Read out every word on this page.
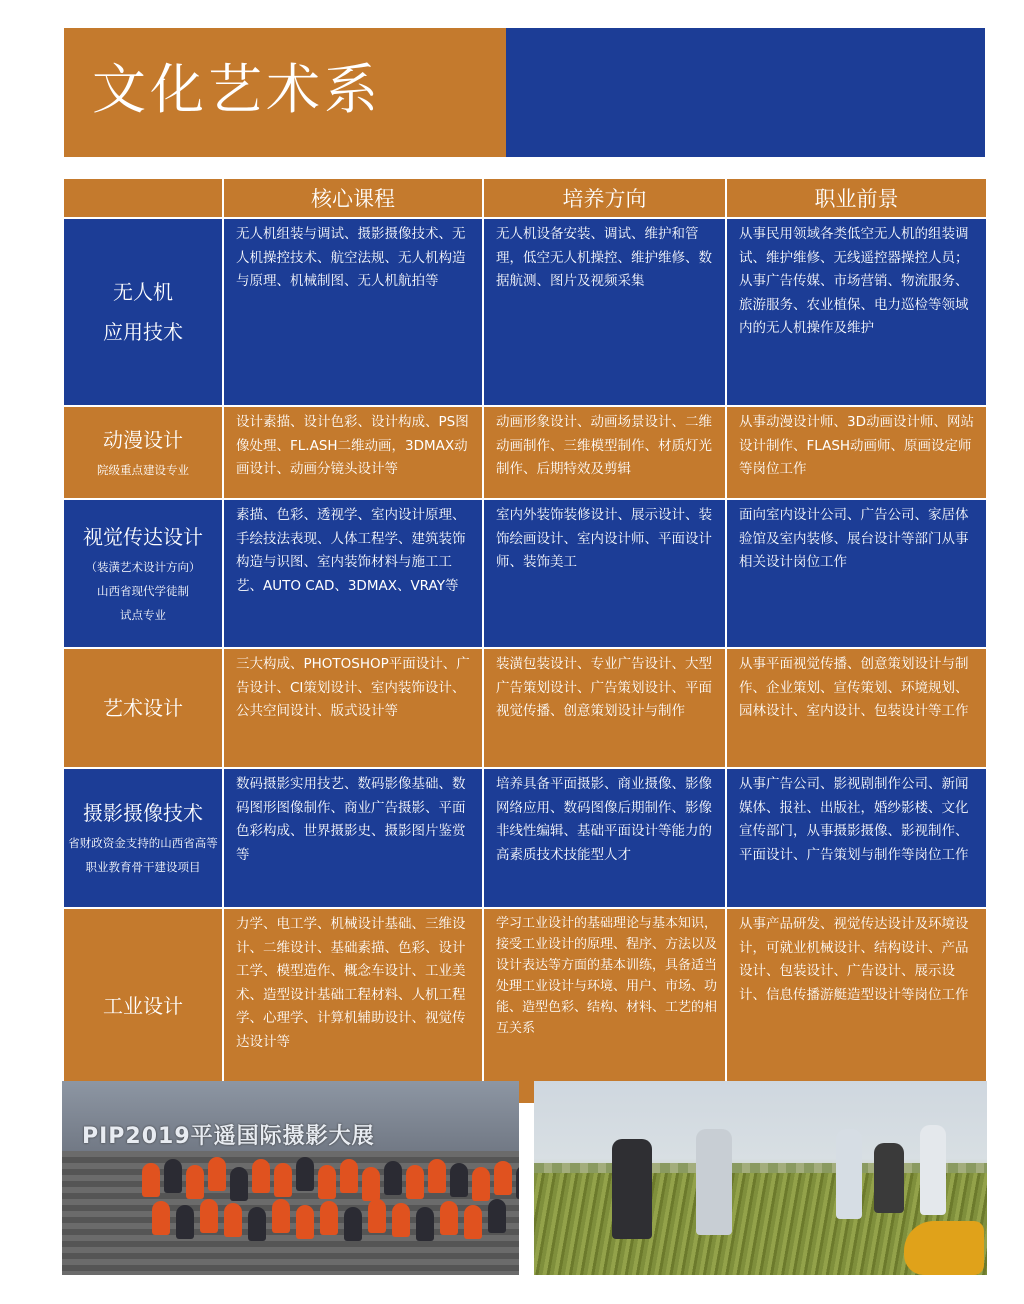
文化艺术系
核心课程	培养方向	职业前景
无人机
应用技术
无人机组装与调试、摄影摄像技术、无人机操控技术、航空法规、无人机构造与原理、机械制图、无人机航拍等
无人机设备安装、调试、维护和管理，低空无人机操控、维护维修、数据航测、图片及视频采集
从事民用领域各类低空无人机的组装调试、维护维修、无线遥控器操控人员；从事广告传媒、市场营销、物流服务、旅游服务、农业植保、电力巡检等领域内的无人机操作及维护
动漫设计
院级重点建设专业
设计素描、设计色彩、设计构成、PS图像处理、FL.ASH二维动画，3DMAX动画设计、动画分镜头设计等
动画形象设计、动画场景设计、二维动画制作、三维模型制作、材质灯光制作、后期特效及剪辑
从事动漫设计师、3D动画设计师、网站设计制作、FLASH动画师、原画设定师等岗位工作
视觉传达设计
（装潢艺术设计方向）
山西省现代学徒制
试点专业
素描、色彩、透视学、室内设计原理、 手绘技法表现、人体工程学、建筑装饰构造与识图、室内装饰材料与施工工艺、AUTO CAD、3DMAX、VRAY等
室内外装饰装修设计、展示设计、装饰绘画设计、室内设计师、平面设计师、装饰美工
面向室内设计公司、广告公司、家居体验馆及室内装修、展台设计等部门从事相关设计岗位工作
艺术设计
三大构成、PHOTOSHOP平面设计、广告设计、CI策划设计、室内装饰设计、公共空间设计、版式设计等
装潢包装设计、专业广告设计、大型广告策划设计、广告策划设计、平面视觉传播、创意策划设计与制作
从事平面视觉传播、创意策划设计与制作、企业策划、宣传策划、环境规划、园林设计、室内设计、包装设计等工作
摄影摄像技术
省财政资金支持的山西省高等职业教育骨干建设项目
数码摄影实用技艺、数码影像基础、数码图形图像制作、商业广告摄影、平面色彩构成、世界摄影史、摄影图片鉴赏等
培养具备平面摄影、商业摄像、影像网络应用、数码图像后期制作、影像非线性编辑、基础平面设计等能力的高素质技术技能型人才
从事广告公司、影视剧制作公司、新闻媒体、报社、出版社，婚纱影楼、文化宣传部门，从事摄影摄像、影视制作、平面设计、广告策划与制作等岗位工作
工业设计
力学、电工学、机械设计基础、三维设计、二维设计、基础素描、色彩、设计工学、模型造作、概念车设计、工业美术、造型设计基础工程材料、人机工程学、心理学、计算机辅助设计、视觉传达设计等
学习工业设计的基础理论与基本知识，接受工业设计的原理、程序、方法以及设计表达等方面的基本训练，具备适当处理工业设计与环境、用户、市场、功能、造型色彩、结构、材料、工艺的相互关系
从事产品研发、视觉传达设计及环境设计，可就业机械设计、结构设计、产品设计、包装设计、广告设计、展示设计、信息传播游艇造型设计等岗位工作
PIP2019平遥国际摄影大展
